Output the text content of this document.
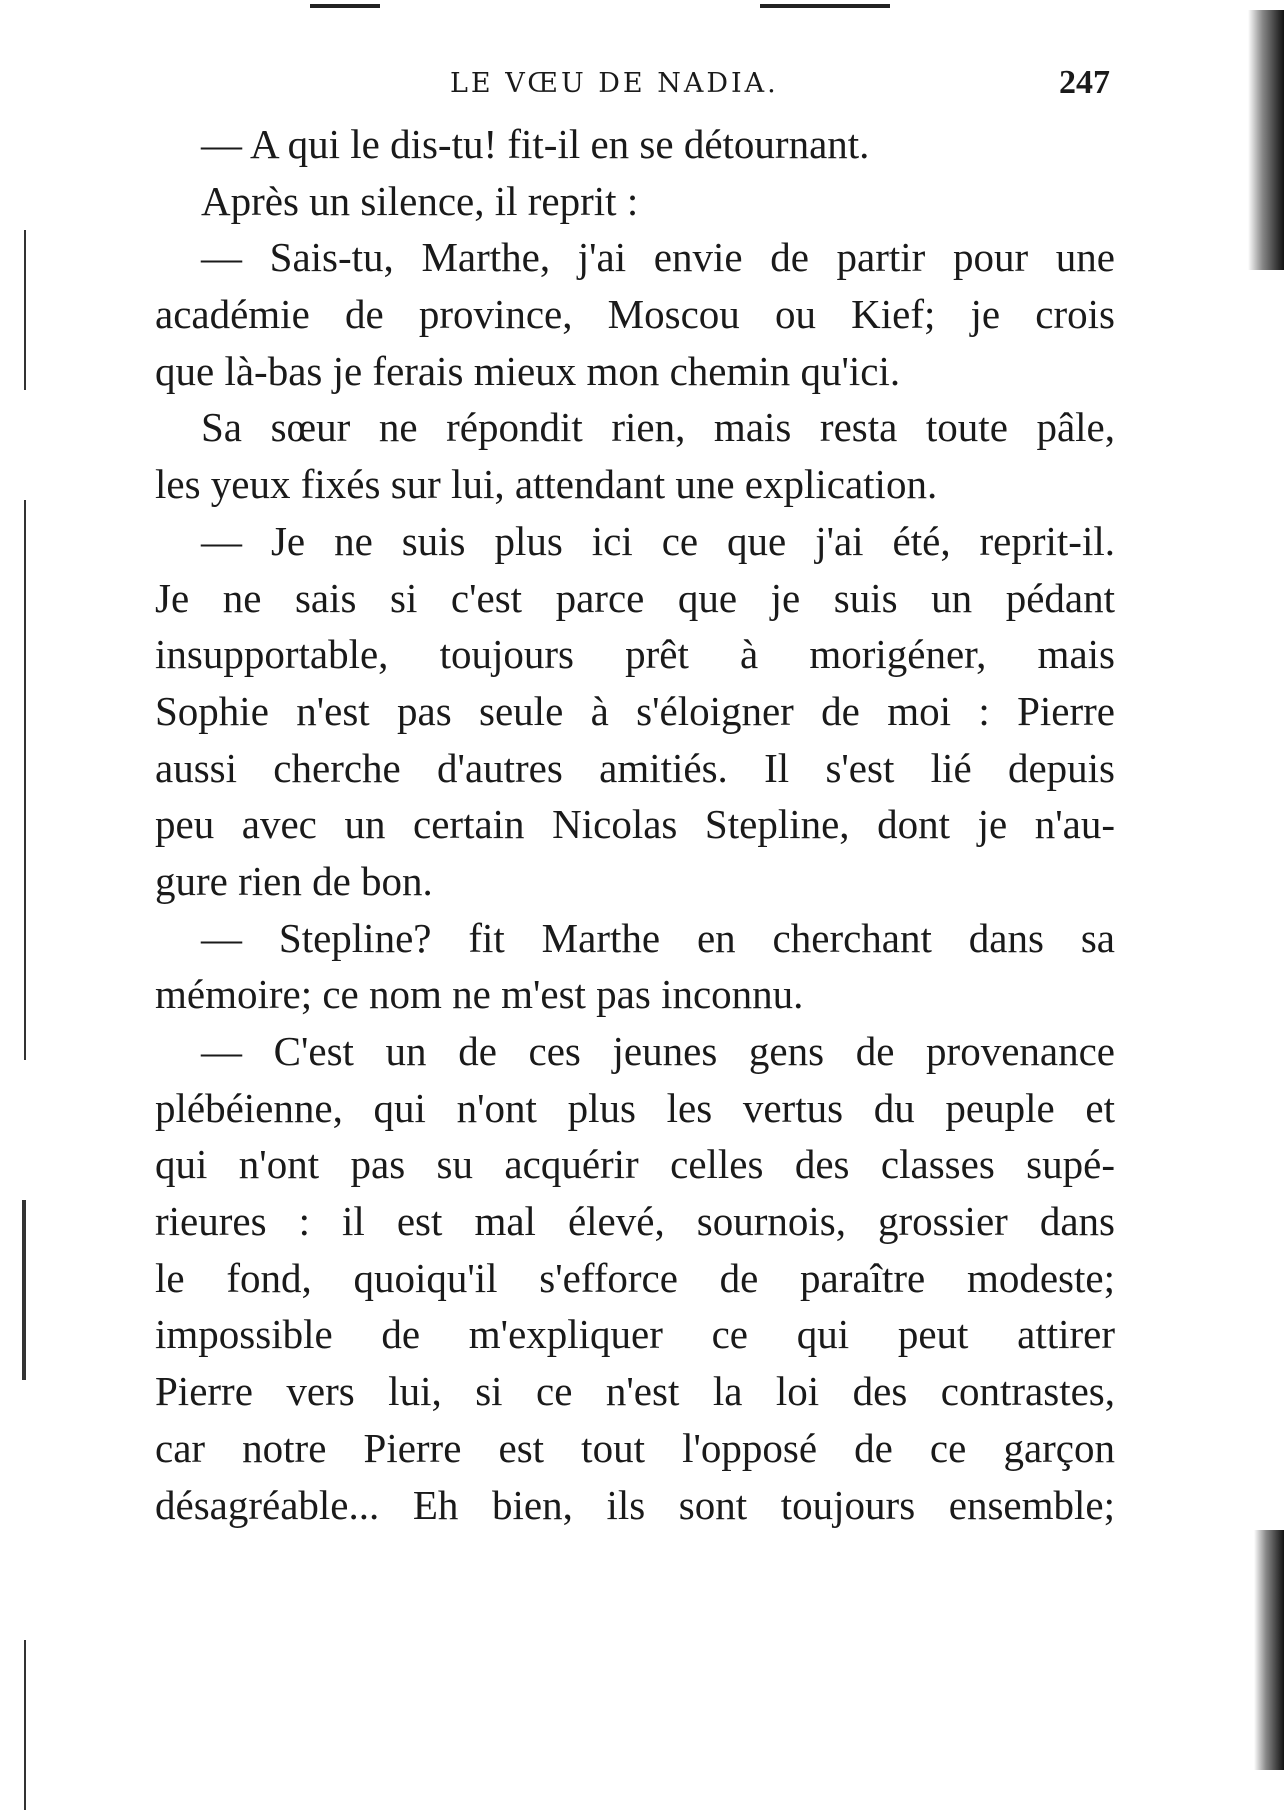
LE VŒU DE NADIA.	247
— A qui le dis-tu! fit-il en se détournant.
Après un silence, il reprit :
— Sais-tu, Marthe, j'ai envie de partir pour une
académie de province, Moscou ou Kief; je crois
que là-bas je ferais mieux mon chemin qu'ici.
Sa sœur ne répondit rien, mais resta toute pâle,
les yeux fixés sur lui, attendant une explication.
— Je ne suis plus ici ce que j'ai été, reprit-il.
Je ne sais si c'est parce que je suis un pédant
insupportable, toujours prêt à morigéner, mais
Sophie n'est pas seule à s'éloigner de moi : Pierre
aussi cherche d'autres amitiés. Il s'est lié depuis
peu avec un certain Nicolas Stepline, dont je n'au-
gure rien de bon.
— Stepline? fit Marthe en cherchant dans sa
mémoire; ce nom ne m'est pas inconnu.
— C'est un de ces jeunes gens de provenance
plébéienne, qui n'ont plus les vertus du peuple et
qui n'ont pas su acquérir celles des classes supé-
rieures : il est mal élevé, sournois, grossier dans
le fond, quoiqu'il s'efforce de paraître modeste;
impossible de m'expliquer ce qui peut attirer
Pierre vers lui, si ce n'est la loi des contrastes,
car notre Pierre est tout l'opposé de ce garçon
désagréable... Eh bien, ils sont toujours ensemble;
